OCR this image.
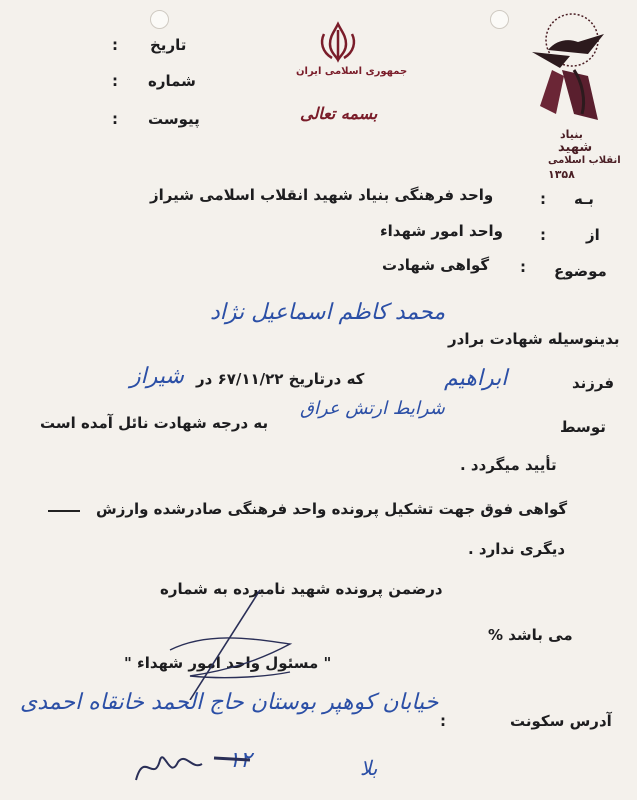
تاریخ
:
شماره
:
پیوست
:
جمهوری اسلامی ایران
بسمه تعالی
بنیاد
شهید
انقلاب اسلامی
۱۳۵۸
بـه
:
واحد فرهنگی بنیاد شهید انقلاب اسلامی شیراز
از
:
واحد امور شهداء
موضوع
:
گواهی شهادت
بدینوسیله شهادت برادر
محمد کاظم اسماعیل نژاد
فرزند
ابراهیم
که درتاریخ ۶۷/۱۱/۲۲ در
شیراز
توسط
شرایط ارتش عراق
به درجه شهادت نائل آمده است
تأیید میگردد .
گواهی فوق جهت تشکیل پرونده واحد فرهنگی صادرشده وارزش
دیگری ندارد .
درضمن پرونده شهید نامبرده به شماره
می باشد %
" مسئول واحد امور شهداء "
آدرس سکونت
:
خیابان کوهپر بوستان حاج الحمد خانقاه احمدی
بلا
۱۲
